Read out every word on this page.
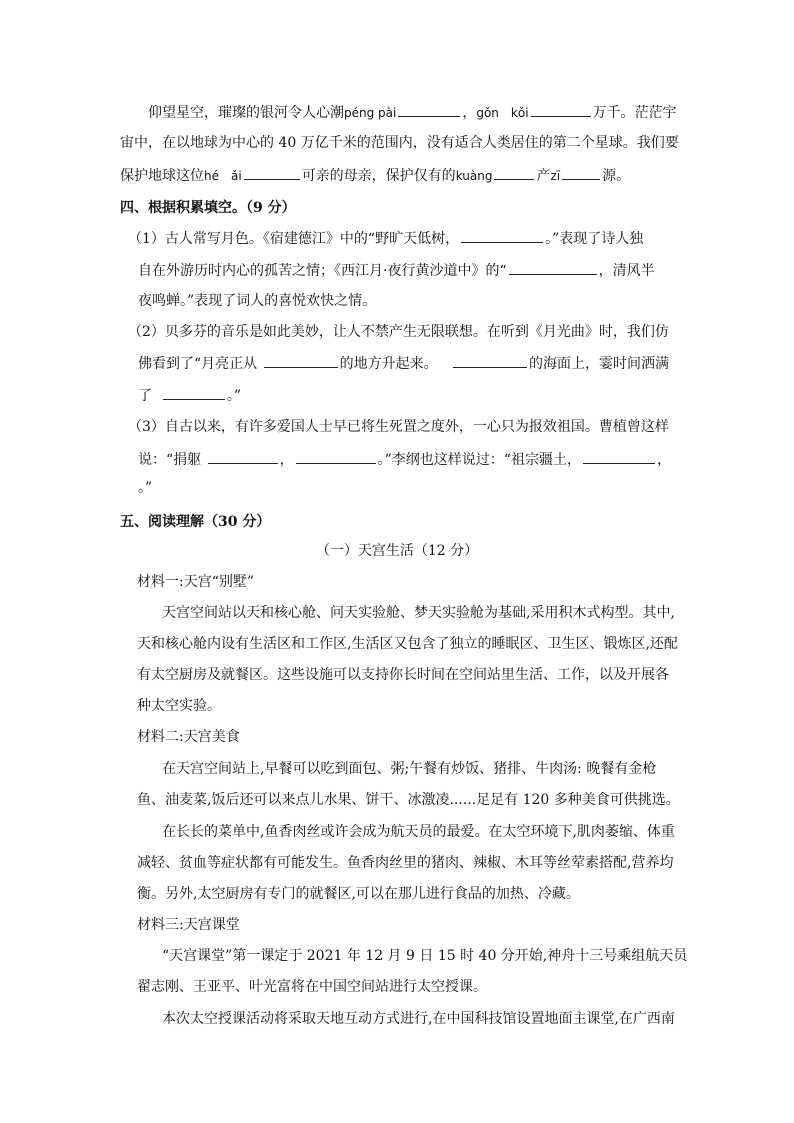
仰望星空，璀璨的银河令人心潮péng pài	，gǒn　kǒi	万千。茫茫宇
宙中，在以地球为中心的 40 万亿千米的范围内，没有适合人类居住的第二个星球。我们要
保护地球这位hé　ǎi	可亲的母亲，保护仅有的kuàng	产zī	源。
四、根据积累填空。（9 分）
（1）古人常写月色。《宿建德江》中的“野旷天低树，	。”表现了诗人独
自在外游历时内心的孤苦之情；《西江月·夜行黄沙道中》的“	，清风半
夜鸣蝉。”表现了词人的喜悦欢快之情。
（2）贝多芬的音乐是如此美妙，让人不禁产生无限联想。在听到《月光曲》时，我们仿
佛看到了“月亮正从	的地方升起来。	的海面上，霎时间洒满
了	。”
（3）自古以来，有许多爱国人士早已将生死置之度外，一心只为报效祖国。曹植曾这样
说：“捐躯	，	。”李纲也这样说过：“祖宗疆土，	，
。”
五、阅读理解（30 分）
（一）天宫生活（12 分）
材料一:天宫“别墅”
天宫空间站以天和核心舱、问天实验舱、梦天实验舱为基础,采用积木式构型。其中,
天和核心舱内设有生活区和工作区,生活区又包含了独立的睡眠区、卫生区、锻炼区,还配
有太空厨房及就餐区。这些设施可以支持你长时间在空间站里生活、工作，以及开展各
种太空实验。
材料二:天宫美食
在天宫空间站上,早餐可以吃到面包、粥;午餐有炒饭、猪排、牛肉汤: 晚餐有金枪
鱼、油麦菜,饭后还可以来点儿水果、饼干、冰激凌......足足有 120 多种美食可供挑选。
在长长的菜单中,鱼香肉丝或许会成为航天员的最爱。在太空环境下,肌肉萎缩、体重
减轻、贫血等症状都有可能发生。鱼香肉丝里的猪肉、辣椒、木耳等丝荤素搭配,营养均
衡。另外,太空厨房有专门的就餐区,可以在那儿进行食品的加热、冷藏。
材料三:天宫课堂
“天宫课堂”第一课定于 2021 年 12 月 9 日 15 时 40 分开始,神舟十三号乘组航天员
翟志刚、王亚平、叶光富将在中国空间站进行太空授课。
本次太空授课活动将采取天地互动方式进行,在中国科技馆设置地面主课堂,在广西南
